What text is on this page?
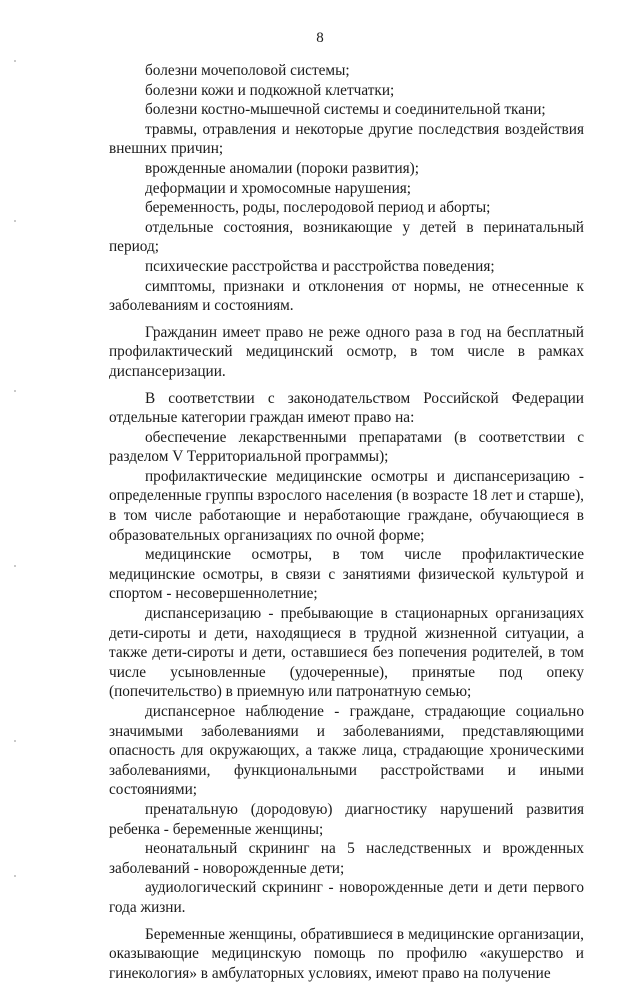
8

болезни мочеполовой системы;

болезни кожи и подкожной клетчатки;

болезни костно-мышечной системы и соединительной ткани;

травмы, отравления и некоторые другие последствия воздействия внешних причин;

врожденные аномалии (пороки развития);

деформации и хромосомные нарушения;

беременность, роды, послеродовой период и аборты;

отдельные состояния, возникающие у детей в перинатальный период;

психические расстройства и расстройства поведения;

симптомы, признаки и отклонения от нормы, не отнесенные к заболеваниям и состояниям.

Гражданин имеет право не реже одного раза в год на бесплатный профилактический медицинский осмотр, в том числе в рамках диспансеризации.

В соответствии с законодательством Российской Федерации отдельные категории граждан имеют право на:

обеспечение лекарственными препаратами (в соответствии с разделом V Территориальной программы);

профилактические медицинские осмотры и диспансеризацию - определенные группы взрослого населения (в возрасте 18 лет и старше), в том числе работающие и неработающие граждане, обучающиеся в образовательных организациях по очной форме;

медицинские осмотры, в том числе профилактические медицинские осмотры, в связи с занятиями физической культурой и спортом - несовершеннолетние;

диспансеризацию - пребывающие в стационарных организациях дети-сироты и дети, находящиеся в трудной жизненной ситуации, а также дети-сироты и дети, оставшиеся без попечения родителей, в том числе усыновленные (удочеренные), принятые под опеку (попечительство) в приемную или патронатную семью;

диспансерное наблюдение - граждане, страдающие социально значимыми заболеваниями и заболеваниями, представляющими опасность для окружающих, а также лица, страдающие хроническими заболеваниями, функциональными расстройствами и иными состояниями;

пренатальную (дородовую) диагностику нарушений развития ребенка - беременные женщины;

неонатальный скрининг на 5 наследственных и врожденных заболеваний - новорожденные дети;

аудиологический скрининг - новорожденные дети и дети первого года жизни.

Беременные женщины, обратившиеся в медицинские организации, оказывающие медицинскую помощь по профилю «акушерство и гинекология» в амбулаторных условиях, имеют право на получение
